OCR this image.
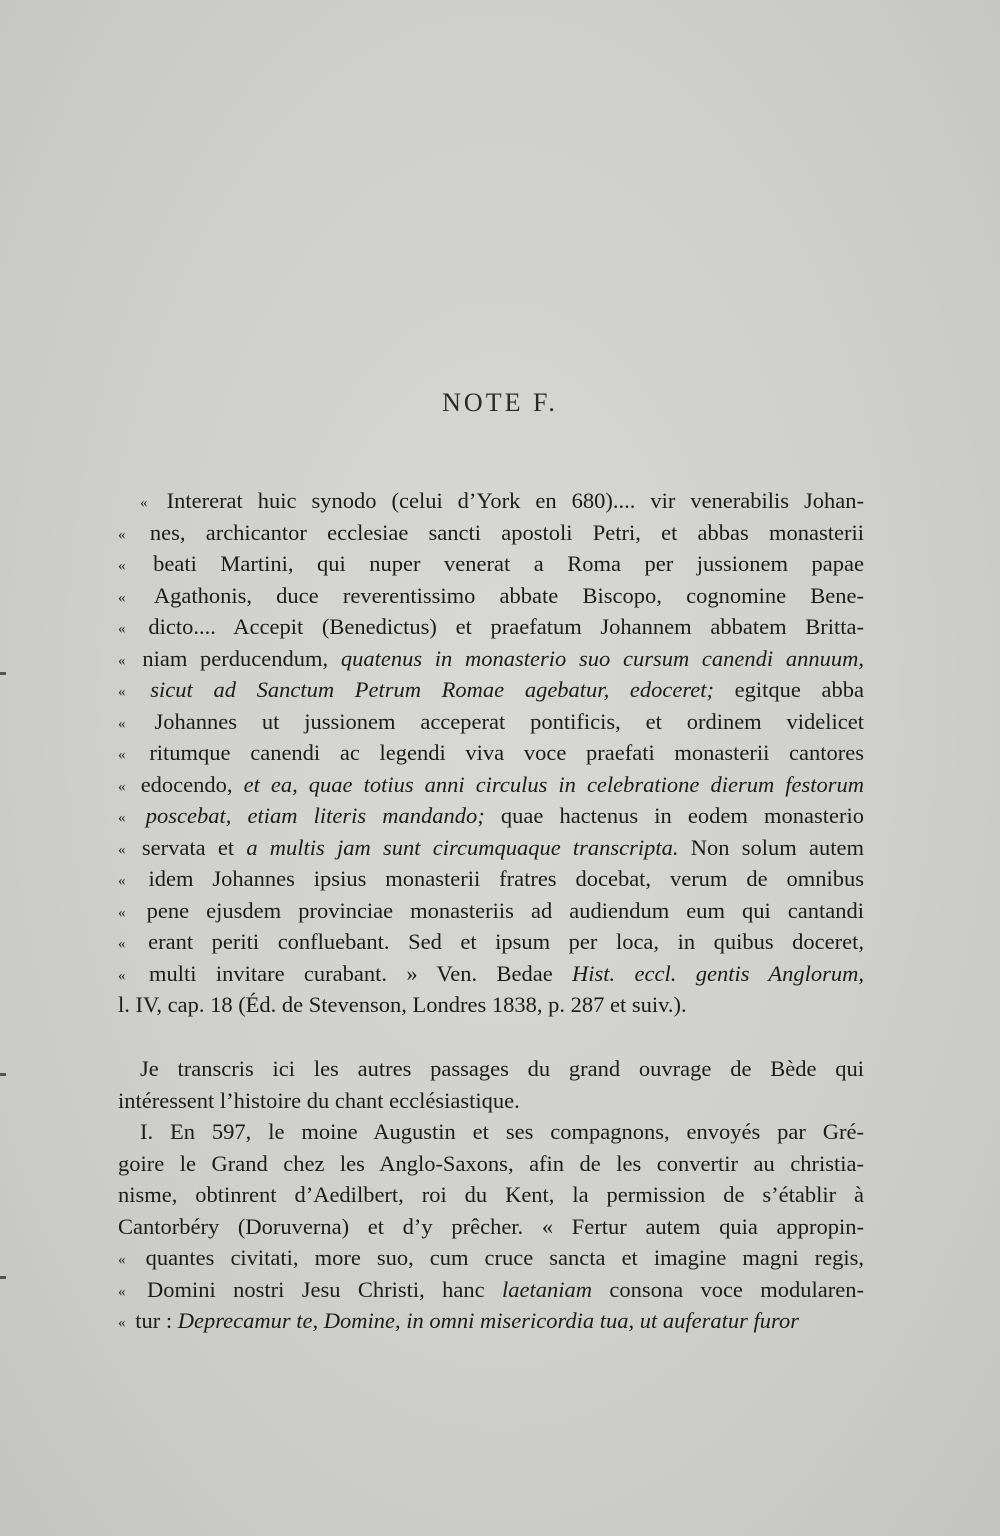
NOTE F.
« Intererat huic synodo (celui d’York en 680).... vir venerabilis Johan-
« nes, archicantor ecclesiae sancti apostoli Petri, et abbas monasterii
« beati Martini, qui nuper venerat a Roma per jussionem papae
« Agathonis, duce reverentissimo abbate Biscopo, cognomine Bene-
« dicto.... Accepit (Benedictus) et praefatum Johannem abbatem Britta-
« niam perducendum, quatenus in monasterio suo cursum canendi annuum,
« sicut ad Sanctum Petrum Romae agebatur, edoceret; egitque abba
« Johannes ut jussionem acceperat pontificis, et ordinem videlicet
« ritumque canendi ac legendi viva voce praefati monasterii cantores
« edocendo, et ea, quae totius anni circulus in celebratione dierum festorum
« poscebat, etiam literis mandando; quae hactenus in eodem monasterio
« servata et a multis jam sunt circumquaque transcripta. Non solum autem
« idem Johannes ipsius monasterii fratres docebat, verum de omnibus
« pene ejusdem provinciae monasteriis ad audiendum eum qui cantandi
« erant periti confluebant. Sed et ipsum per loca, in quibus doceret,
« multi invitare curabant. » Ven. Bedae Hist. eccl. gentis Anglorum,
l. IV, cap. 18 (Éd. de Stevenson, Londres 1838, p. 287 et suiv.).
Je transcris ici les autres passages du grand ouvrage de Bède qui
intéressent l’histoire du chant ecclésiastique.
I. En 597, le moine Augustin et ses compagnons, envoyés par Gré-
goire le Grand chez les Anglo-Saxons, afin de les convertir au christia-
nisme, obtinrent d’Aedilbert, roi du Kent, la permission de s’établir à
Cantorbéry (Doruverna) et d’y prêcher. « Fertur autem quia appropin-
« quantes civitati, more suo, cum cruce sancta et imagine magni regis,
« Domini nostri Jesu Christi, hanc laetaniam consona voce modularen-
« tur : Deprecamur te, Domine, in omni misericordia tua, ut auferatur furor
